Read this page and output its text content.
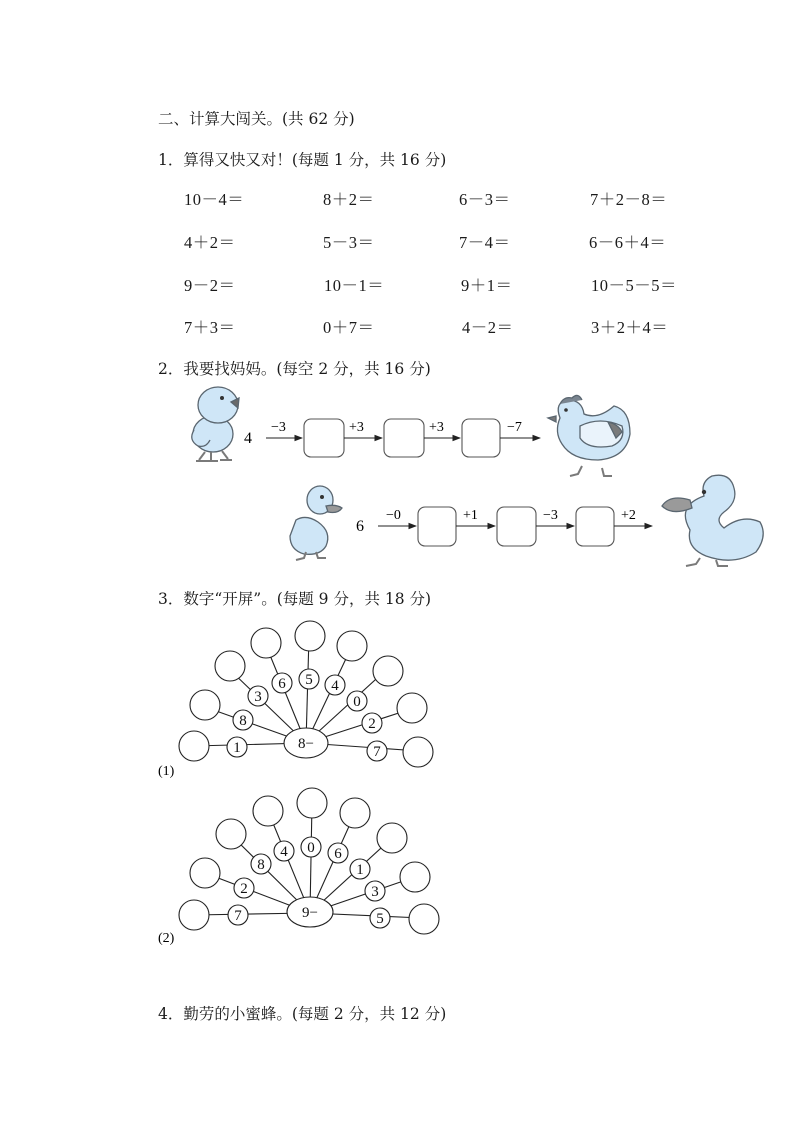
二、计算大闯关。(共 62 分)
1．算得又快又对！(每题 1 分，共 16 分)
10－4＝	8＋2＝	6－3＝	7＋2－8＝
4＋2＝	5－3＝	7－4＝	6－6＋4＝
9－2＝	10－1＝	9＋1＝	10－5－5＝
7＋3＝	0＋7＝	4－2＝	3＋2＋4＝
2．我要找妈妈。(每空 2 分，共 16 分)
4
−3	+3	+3	−7
6
−0	+1	−3	+2
3．数字“开屏”。(每题 9 分，共 18 分)
1
8
3
6 5 4
0
2
7
8−
(1)
7
2
8
4 0 6
1
3
5
9−
(2)
4．勤劳的小蜜蜂。(每题 2 分，共 12 分)
